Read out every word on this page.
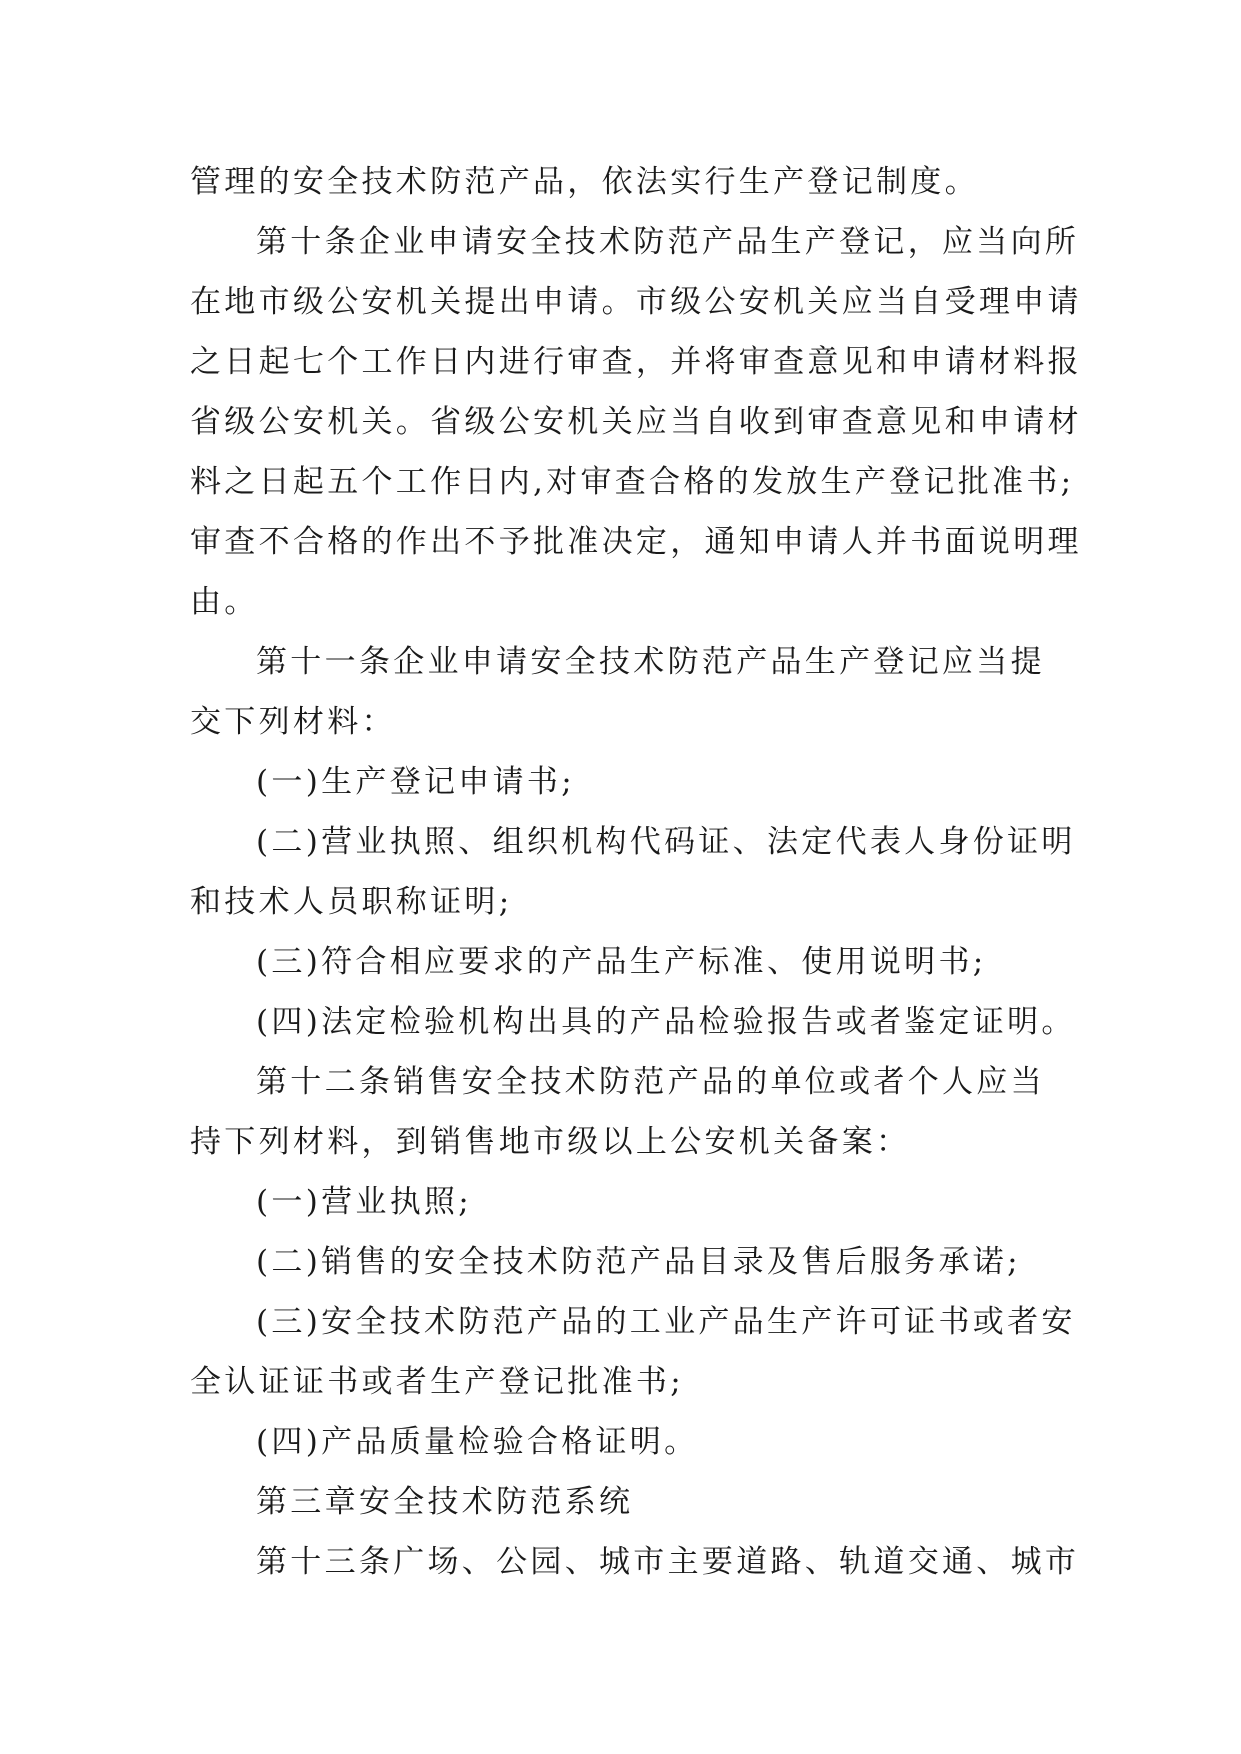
管理的安全技术防范产品，依法实行生产登记制度。
第十条企业申请安全技术防范产品生产登记，应当向所
在地市级公安机关提出申请。市级公安机关应当自受理申请
之日起七个工作日内进行审查，并将审查意见和申请材料报
省级公安机关。省级公安机关应当自收到审查意见和申请材
料之日起五个工作日内,对审查合格的发放生产登记批准书;
审查不合格的作出不予批准决定，通知申请人并书面说明理
由。
第十一条企业申请安全技术防范产品生产登记应当提
交下列材料：
(一)生产登记申请书;
(二)营业执照、组织机构代码证、法定代表人身份证明
和技术人员职称证明;
(三)符合相应要求的产品生产标准、使用说明书;
(四)法定检验机构出具的产品检验报告或者鉴定证明。
第十二条销售安全技术防范产品的单位或者个人应当
持下列材料，到销售地市级以上公安机关备案：
(一)营业执照;
(二)销售的安全技术防范产品目录及售后服务承诺;
(三)安全技术防范产品的工业产品生产许可证书或者安
全认证证书或者生产登记批准书;
(四)产品质量检验合格证明。
第三章安全技术防范系统
第十三条广场、公园、城市主要道路、轨道交通、城市
